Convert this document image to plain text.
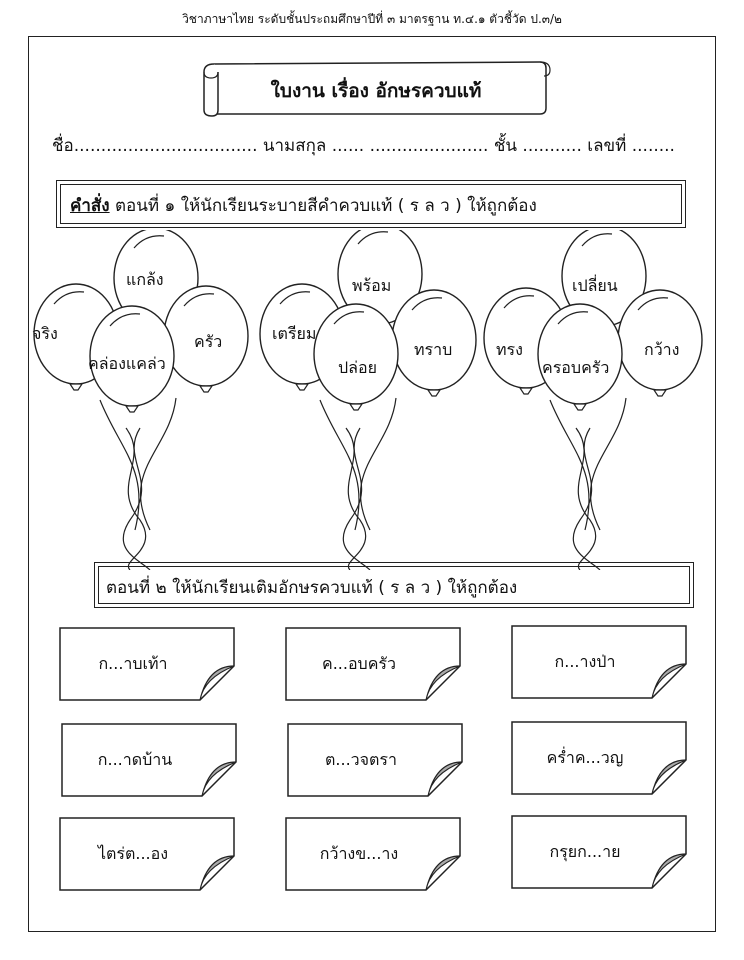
วิชาภาษาไทย ระดับชั้นประถมศึกษาปีที่ ๓ มาตรฐาน ท.๔.๑ ตัวชี้วัด ป.๓/๒
ใบงาน เรื่อง อักษรควบแท้
ชื่อ.................................. นามสกุล ...... ...................... ชั้น ........... เลขที่ ........
คำสั่ง ตอนที่ ๑ ให้นักเรียนระบายสีคำควบแท้ ( ร ล ว ) ให้ถูกต้อง
แกล้ง
จริง
คล่องแคล่ว
ครัว
พร้อม
เตรียม
ปล่อย
ทราบ
เปลี่ยน
ทรง
ครอบครัว
กว้าง
ตอนที่ ๒ ให้นักเรียนเติมอักษรควบแท้ ( ร ล ว ) ให้ถูกต้อง
ก...าบเท้า	ค...อบครัว	ก...างป่า
ก...าดบ้าน	ต...วจตรา	คร่ำค...วญ
ไตร่ต...อง	กว้างข...าง	กรุยก...าย
